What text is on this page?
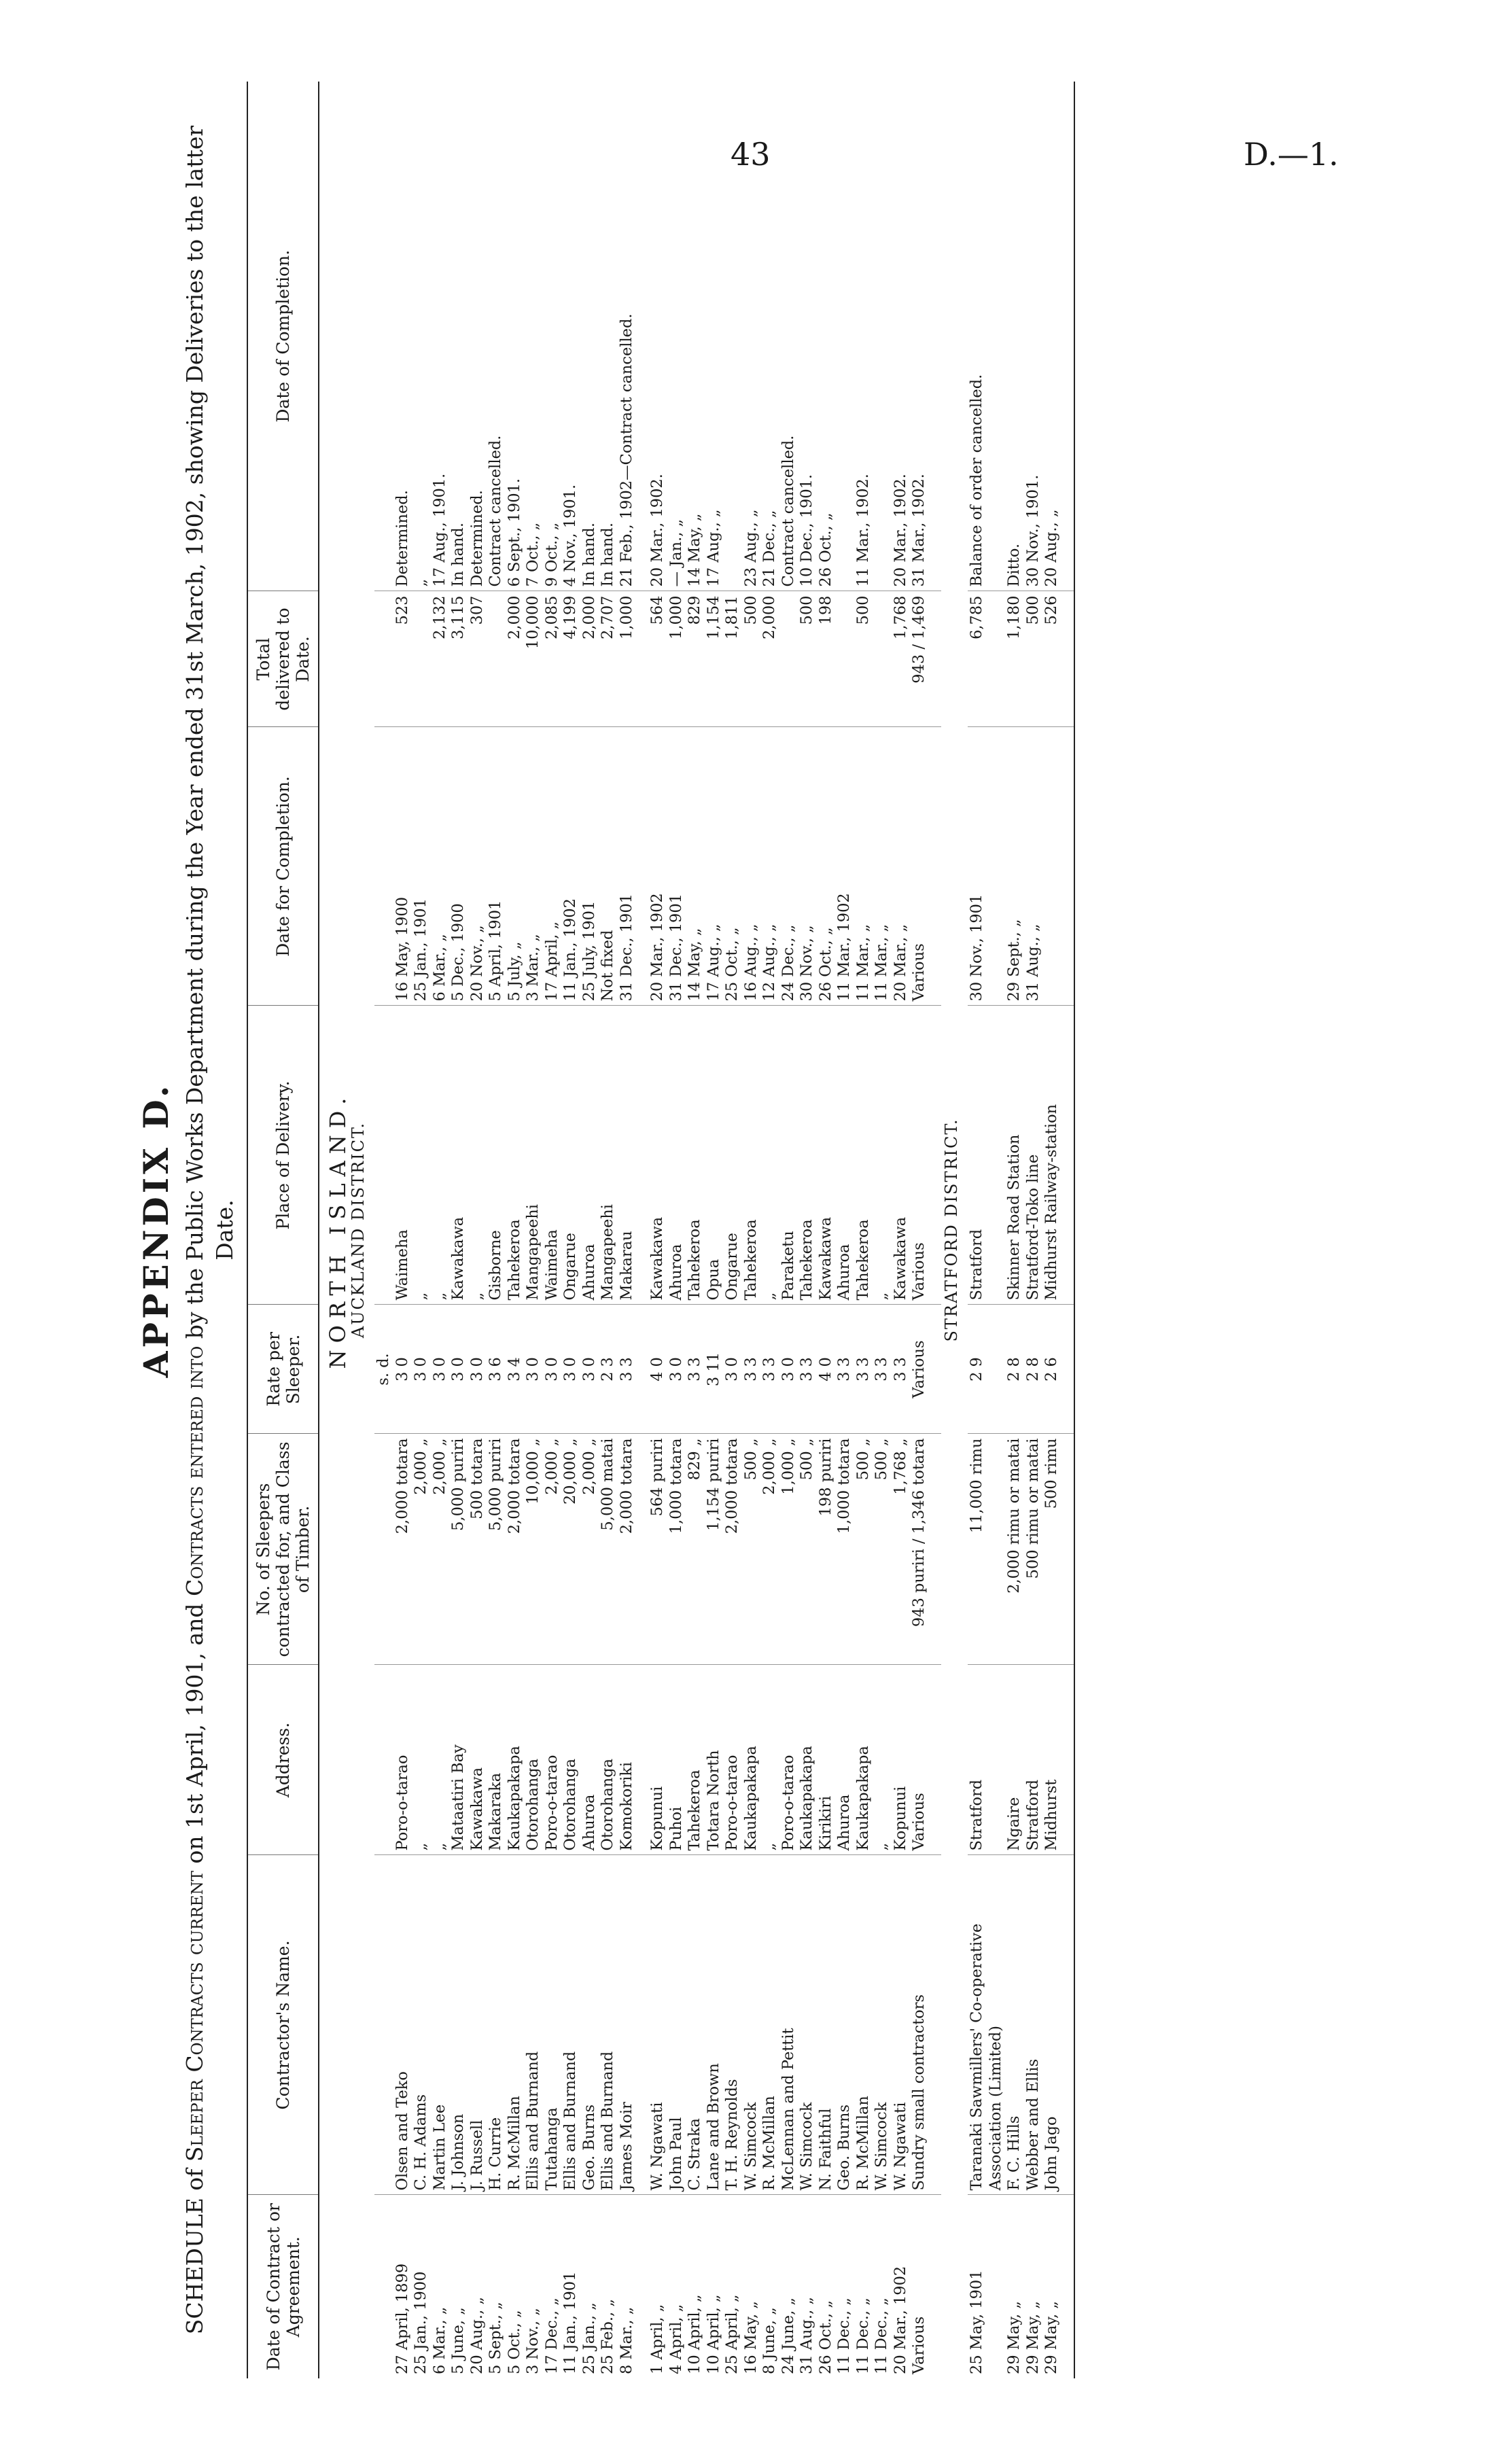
43	D.—1.
APPENDIX D.

SCHEDULE of Sleeper Contracts current on 1st April, 1901, and Contracts entered into by the Public Works Department during the Year ended 31st March, 1902, showing Deliveries to the latter Date.

Date of Contract or Agreement.	Contractor's Name.	Address.	No. of Sleepers contracted for, and Class of Timber.	Rate per Sleeper.	Place of Delivery.	Date for Completion.	Total delivered to Date.	Date of Completion.
NORTH ISLAND.								
AUCKLAND DISTRICT.								
				s. d.				
27 April, 1899	Olsen and Teko	Poro-o-tarao	2,000 totara	3 0	Waimeha	16 May, 1900	523	Determined.
25 Jan., 1900	C. H. Adams	„	2,000 „	3 0	„	25 Jan., 1901		„
6 Mar., „	Martin Lee	„	2,000 „	3 0	„	6 Mar., „	2,132	17 Aug., 1901.
5 June, „	J. Johnson	Mataatiri Bay	5,000 puriri	3 0	Kawakawa	5 Dec., 1900	3,115	In hand.
20 Aug., „	J. Russell	Kawakawa	500 totara	3 0	„	20 Nov., „	307	Determined.
5 Sept., „	H. Currie	Makaraka	5,000 puriri	3 6	Gisborne	5 April, 1901		Contract cancelled.
5 Oct., „	R. McMillan	Kaukapakapa	2,000 totara	3 4	Tahekeroa	5 July, „	2,000	6 Sept., 1901.
3 Nov., „	Ellis and Burnand	Otorohanga	10,000 „	3 0	Mangapeehi	3 Mar., „	10,000	7 Oct., „
17 Dec., „	Tutahanga	Poro-o-tarao	2,000 „	3 0	Waimeha	17 April, „	2,085	9 Oct., „
11 Jan., 1901	Ellis and Burnand	Otorohanga	20,000 „	3 0	Ongarue	11 Jan., 1902	4,199	4 Nov., 1901.
25 Jan., „	Geo. Burns	Ahuroa	2,000 „	3 0	Ahuroa	25 July, 1901	2,000	In hand.
25 Feb., „	Ellis and Burnand	Otorohanga	5,000 matai	2 3	Mangapeehi	Not fixed	2,707	In hand.
8 Mar., „	James Moir	Komokoriki	2,000 totara	3 3	Makarau	31 Dec., 1901	1,000	21 Feb., 1902—Contract cancelled.

1 April, „	W. Ngawati	Kopunui	564 puriri	4 0	Kawakawa	20 Mar., 1902	564	20 Mar., 1902.
4 April, „	John Paul	Puhoi	1,000 totara	3 0	Ahuroa	31 Dec., 1901	1,000	— Jan., „
10 April, „	C. Straka	Tahekeroa	829 „	3 3	Tahekeroa	14 May, „	829	14 May, „
10 April, „	Lane and Brown	Totara North	1,154 puriri	3 11	Opua	17 Aug., „	1,154	17 Aug., „
25 April, „	T. H. Reynolds	Poro-o-tarao	2,000 totara	3 0	Ongarue	25 Oct., „	1,811	
16 May, „	W. Simcock	Kaukapakapa	500 „	3 3	Tahekeroa	16 Aug., „	500	23 Aug., „
8 June, „	R. McMillan	„	2,000 „	3 3	„	12 Aug., „	2,000	21 Dec., „
24 June, „	McLennan and Pettit	Poro-o-tarao	1,000 „	3 0	Paraketu	24 Dec., „		Contract cancelled.
31 Aug., „	W. Simcock	Kaukapakapa	500 „	3 3	Tahekeroa	30 Nov., „	500	10 Dec., 1901.
26 Oct., „	N. Faithful	Kirikiri	198 puriri	4 0	Kawakawa	26 Oct., „	198	26 Oct., „
11 Dec., „	Geo. Burns	Ahuroa	1,000 totara	3 3	Ahuroa	11 Mar., 1902		
11 Dec., „	R. McMillan	Kaukapakapa	500 „	3 3	Tahekeroa	11 Mar., „	500	11 Mar., 1902.
11 Dec., „	W. Simcock	„	500 „	3 3	„	11 Mar., „		
20 Mar., 1902	W. Ngawati	Kopunui	1,768 „	3 3	Kawakawa	20 Mar., „	1,768	20 Mar., 1902.
Various	Sundry small contractors	Various	943 puriri / 1,346 totara	Various	Various	Various	943 / 1,469	31 Mar., 1902.

STRATFORD DISTRICT.								
25 May, 1901	Taranaki Sawmillers' Co-operative Association (Limited)	Stratford	11,000 rimu	2 9	Stratford	30 Nov., 1901	6,785	Balance of order cancelled.
29 May, „	F. C. Hills	Ngaire	2,000 rimu or matai	2 8	Skinner Road Station	29 Sept., „	1,180	Ditto.
29 May, „	Webber and Ellis	Stratford	500 rimu or matai	2 8	Stratford-Toko line	31 Aug., „	500	30 Nov., 1901.
29 May, „	John Jago	Midhurst	500 rimu	2 6	Midhurst Railway-station		526	20 Aug., „
